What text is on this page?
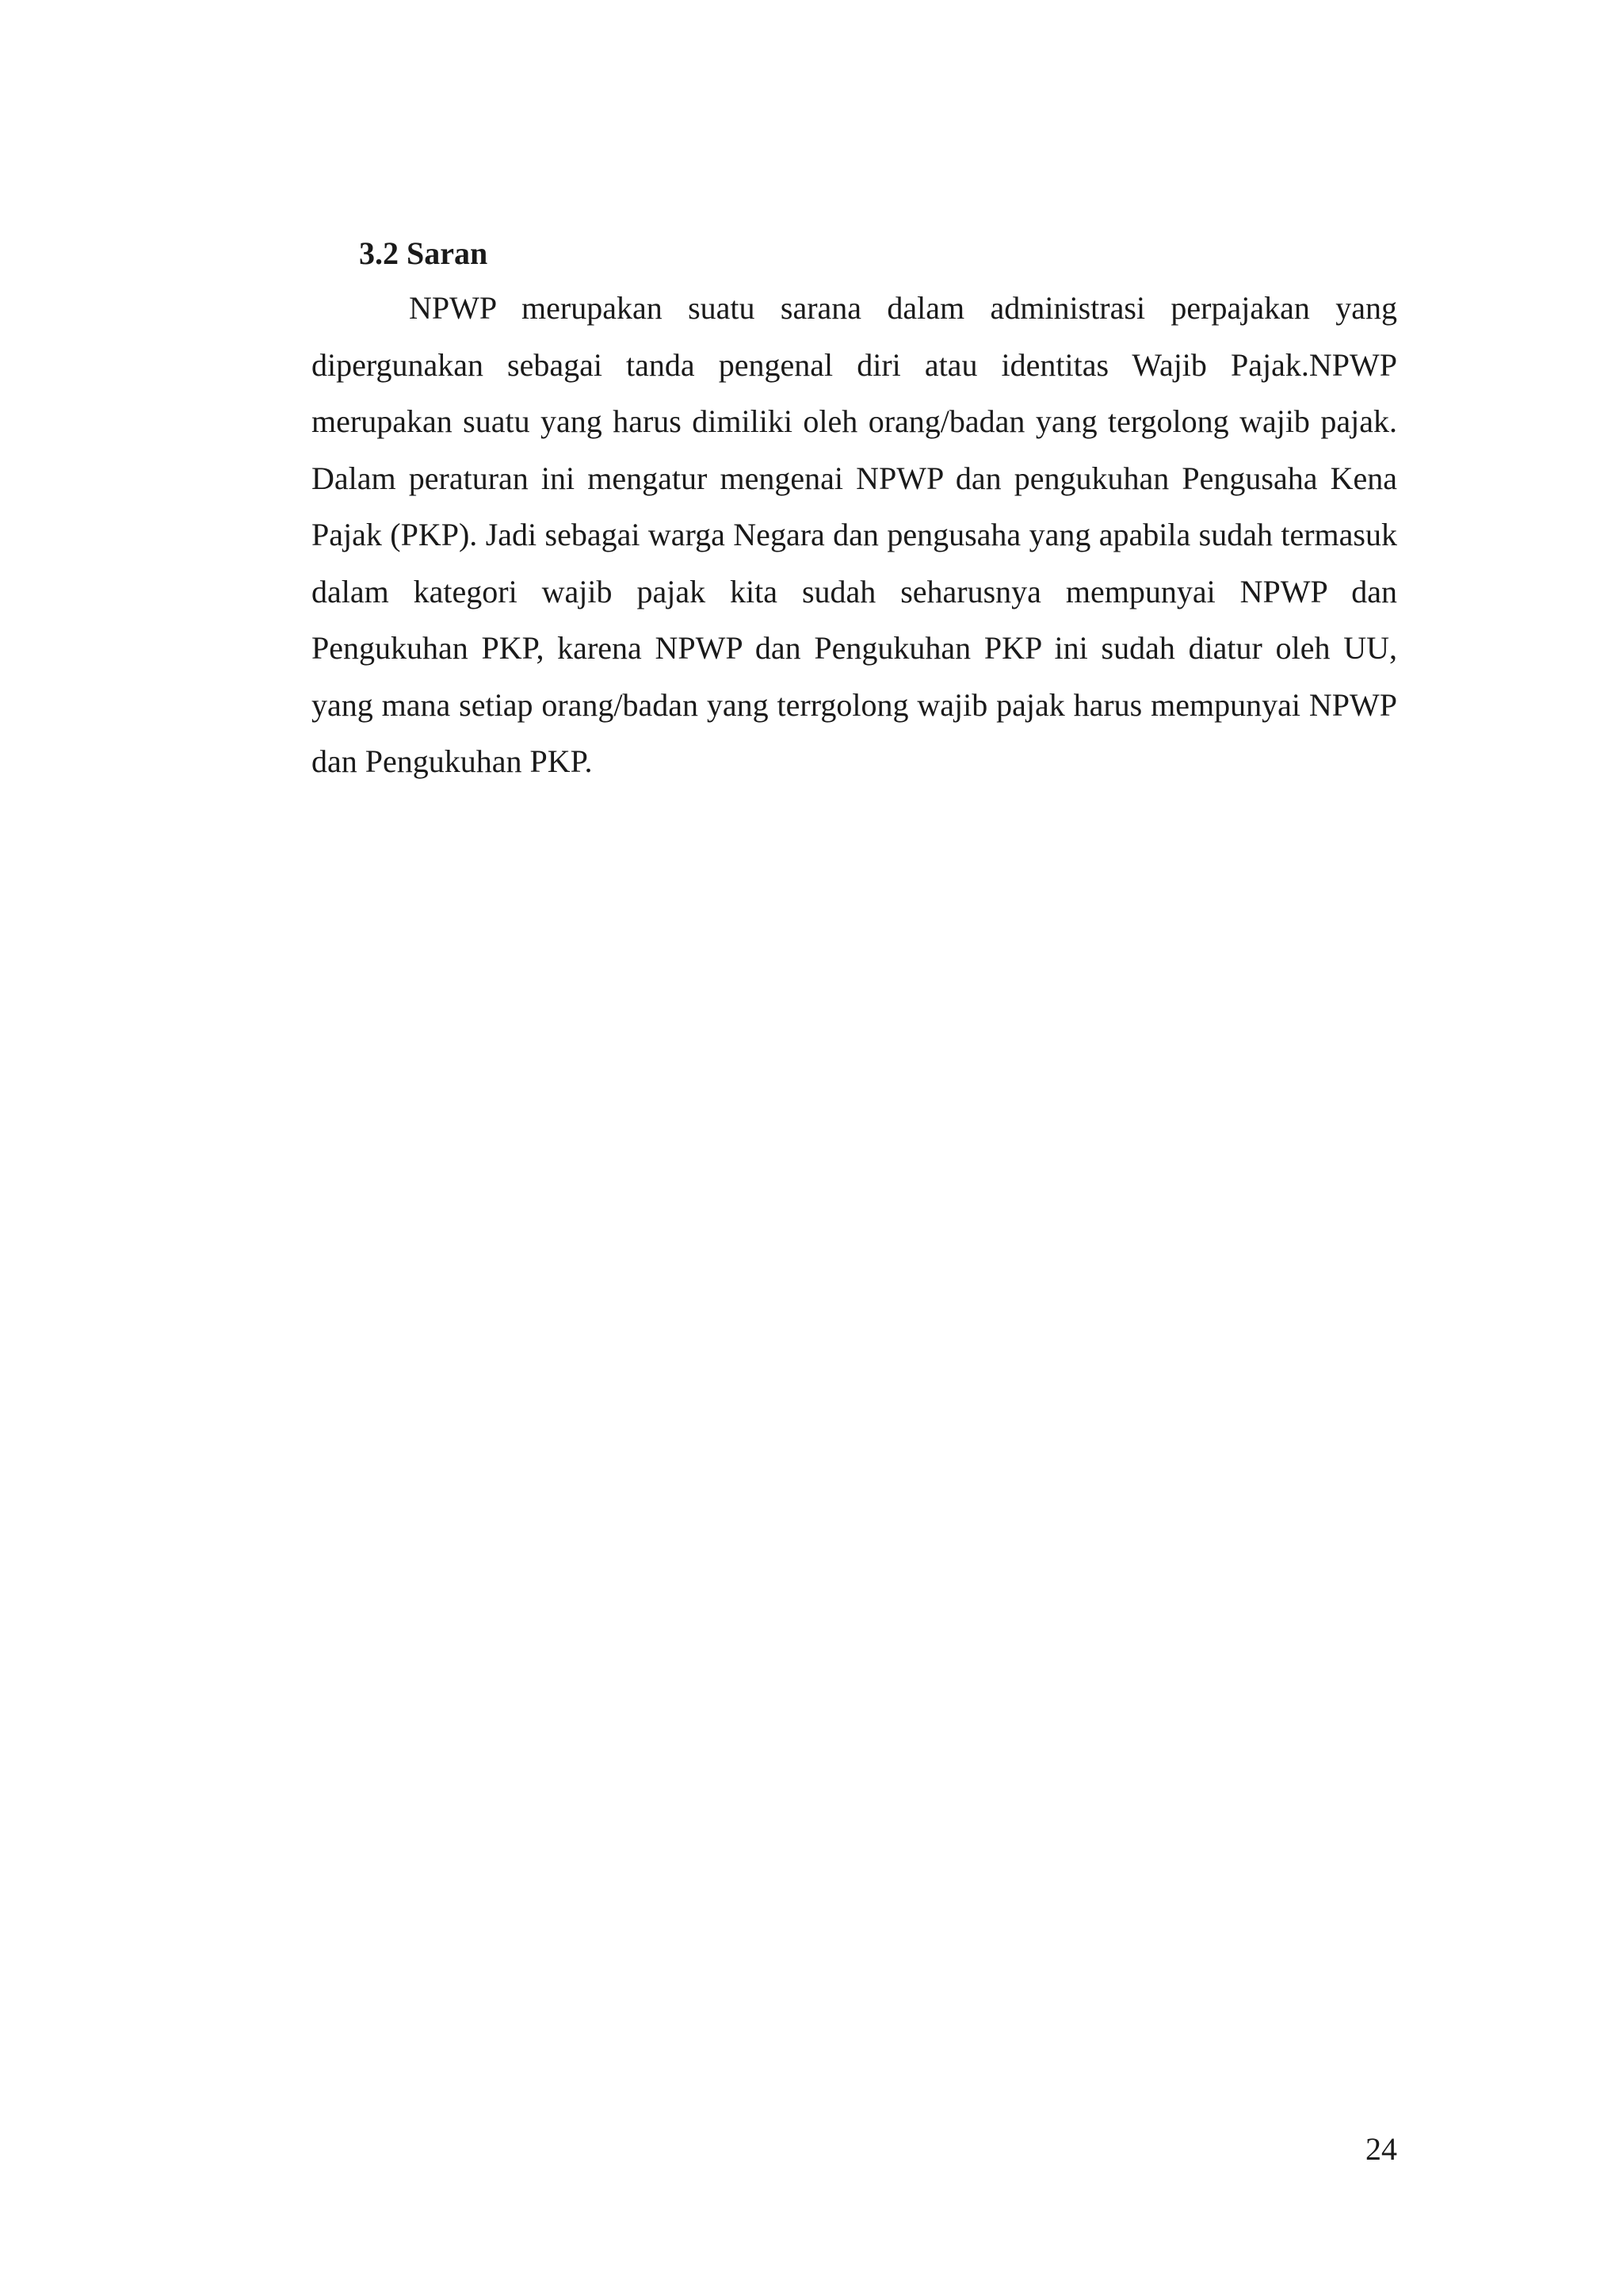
3.2 Saran

NPWP merupakan suatu sarana dalam administrasi perpajakan yang dipergunakan sebagai tanda pengenal diri atau identitas Wajib Pajak.NPWP merupakan suatu yang harus dimiliki oleh orang/badan yang tergolong wajib pajak. Dalam peraturan ini mengatur mengenai NPWP dan pengukuhan Pengusaha Kena Pajak (PKP). Jadi sebagai warga Negara dan pengusaha yang apabila sudah termasuk dalam kategori wajib pajak kita sudah seharusnya mempunyai NPWP dan Pengukuhan PKP, karena NPWP dan Pengukuhan PKP ini sudah diatur oleh UU, yang mana setiap orang/badan yang terrgolong wajib pajak harus mempunyai NPWP dan Pengukuhan PKP.

24
